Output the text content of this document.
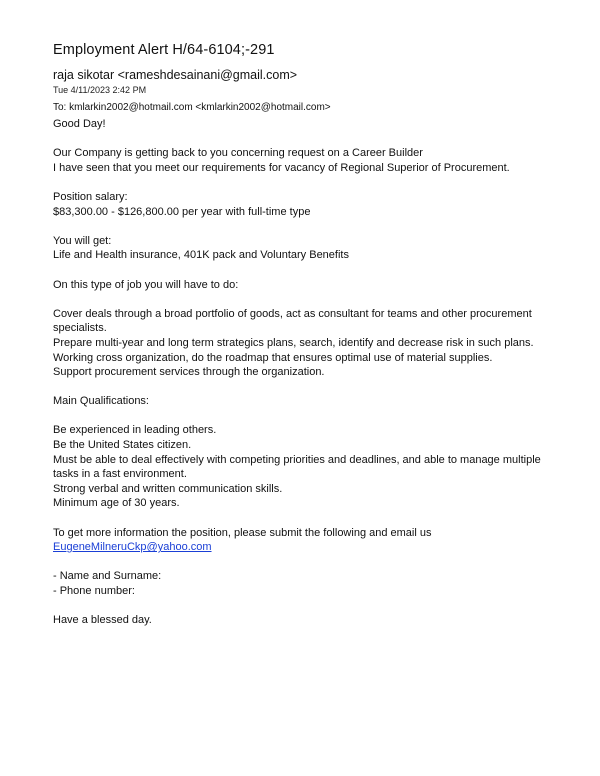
Employment Alert H/64-6104;-291
raja sikotar <rameshdesainani@gmail.com>
Tue 4/11/2023 2:42 PM
To: kmlarkin2002@hotmail.com <kmlarkin2002@hotmail.com>
Good Day!
Our Company is getting back to you concerning request on a Career Builder
I have seen that you meet our requirements for vacancy of Regional Superior of Procurement.
Position salary:
$83,300.00 - $126,800.00 per year with full-time type
You will get:
Life and Health insurance, 401K pack and Voluntary Benefits
On this type of job you will have to do:
Cover deals through a broad portfolio of goods, act as consultant for teams and other procurement specialists.
Prepare multi-year and long term strategics plans, search, identify and decrease risk in such plans.
Working cross organization, do the roadmap that ensures optimal use of material supplies.
Support procurement services through the organization.
Main Qualifications:
Be experienced in leading others.
Be the United States citizen.
Must be able to deal effectively with competing priorities and deadlines, and able to manage multiple tasks in a fast environment.
Strong verbal and written communication skills.
Minimum age of 30 years.
To get more information the position, please submit the following and email us
EugeneMilneruCkp@yahoo.com
- Name and Surname:
- Phone number:
Have a blessed day.
